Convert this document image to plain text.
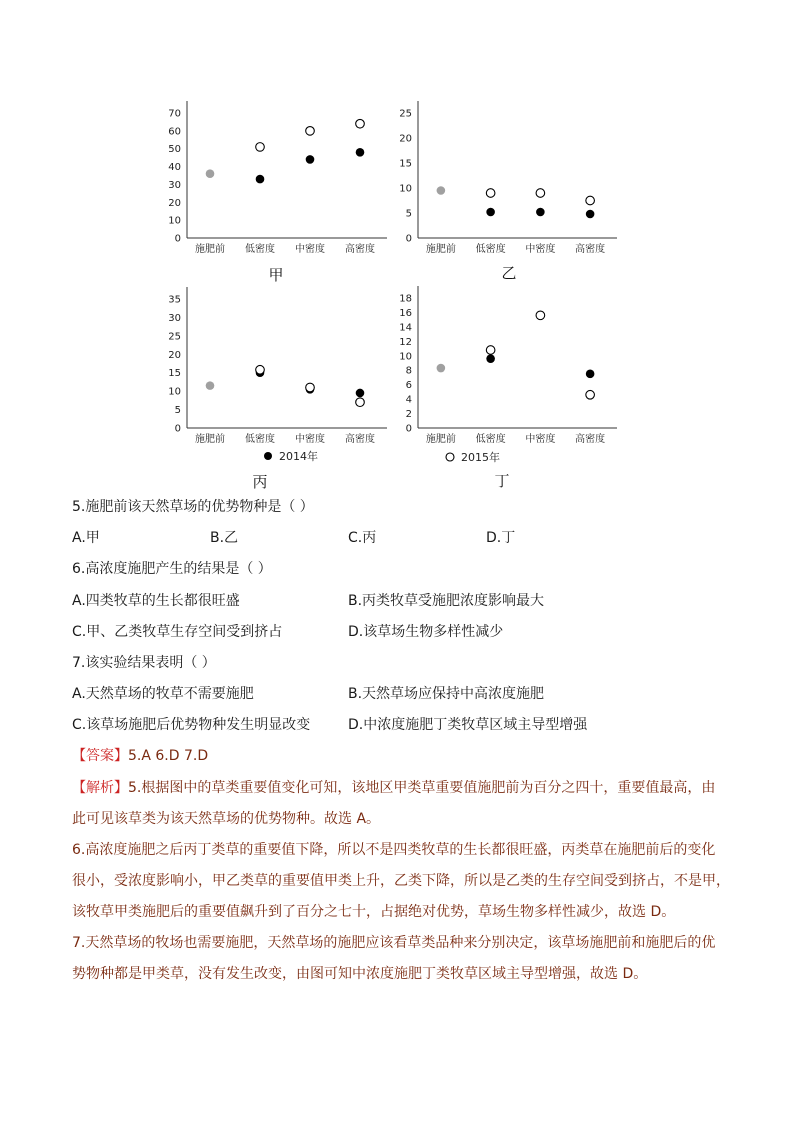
0
10
20
30
40
50
60
70
施肥前 低密度 中密度 高密度
甲
0
5
10
15
20
25
施肥前 低密度 中密度 高密度
乙
0
5
10
15
20
25
30
35
施肥前 低密度 中密度 高密度
丙
0
2
4
6
8
10
12
14
16
18
施肥前 低密度 中密度 高密度
丁
2014年	2015年
5.施肥前该天然草场的优势物种是（ ）
A.甲	B.乙	C.丙	D.丁
6.高浓度施肥产生的结果是（ ）
A.四类牧草的生长都很旺盛	B.丙类牧草受施肥浓度影响最大
C.甲、乙类牧草生存空间受到挤占	D.该草场生物多样性减少
7.该实验结果表明（ ）
A.天然草场的牧草不需要施肥	B.天然草场应保持中高浓度施肥
C.该草场施肥后优势物种发生明显改变	D.中浓度施肥丁类牧草区域主导型增强
【答案】5.A 6.D 7.D
【解析】5.根据图中的草类重要值变化可知，该地区甲类草重要值施肥前为百分之四十，重要值最高，由
此可见该草类为该天然草场的优势物种。故选 A。
6.高浓度施肥之后丙丁类草的重要值下降，所以不是四类牧草的生长都很旺盛，丙类草在施肥前后的变化
很小，受浓度影响小，甲乙类草的重要值甲类上升，乙类下降，所以是乙类的生存空间受到挤占，不是甲，
该牧草甲类施肥后的重要值飙升到了百分之七十，占据绝对优势，草场生物多样性减少，故选 D。
7.天然草场的牧场也需要施肥，天然草场的施肥应该看草类品种来分别决定，该草场施肥前和施肥后的优
势物种都是甲类草，没有发生改变，由图可知中浓度施肥丁类牧草区域主导型增强，故选 D。
